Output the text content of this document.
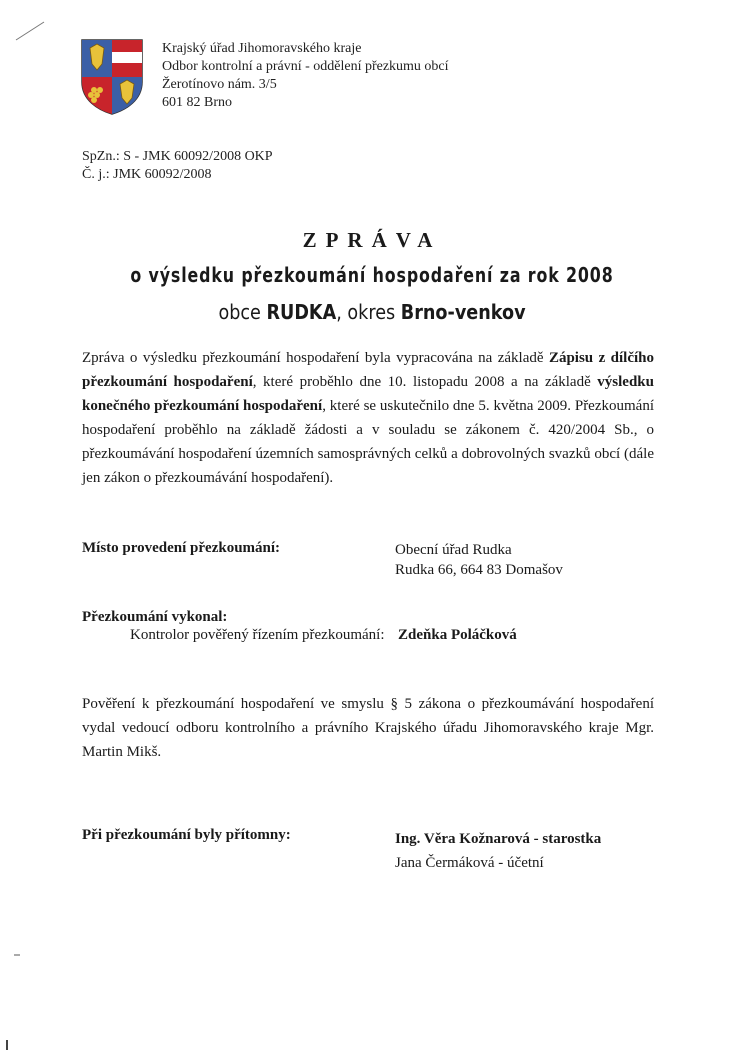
Krajský úřad Jihomoravského kraje
Odbor kontrolní a právní - oddělení přezkumu obcí
Žerotínovo nám. 3/5
601 82 Brno
SpZn.: S - JMK 60092/2008 OKP
Č. j.: JMK 60092/2008
ZPRÁVA
o výsledku přezkoumání hospodaření za rok 2008
obce RUDKA, okres Brno-venkov
Zpráva o výsledku přezkoumání hospodaření byla vypracována na základě Zápisu z dílčího přezkoumání hospodaření, které proběhlo dne 10. listopadu 2008 a na základě výsledku konečného přezkoumání hospodaření, které se uskutečnilo dne 5. května 2009. Přezkoumání hospodaření proběhlo na základě žádosti a v souladu se zákonem č. 420/2004 Sb., o přezkoumávání hospodaření územních samosprávných celků a dobrovolných svazků obcí (dále jen zákon o přezkoumávání hospodaření).
Místo provedení přezkoumání:	Obecní úřad Rudka
Rudka 66, 664 83 Domašov
Přezkoumání vykonal:
Kontrolor pověřený řízením přezkoumání: Zdeňka Poláčková
Pověření k přezkoumání hospodaření ve smyslu § 5 zákona o přezkoumávání hospodaření vydal vedoucí odboru kontrolního a právního Krajského úřadu Jihomoravského kraje Mgr. Martin Mikš.
Při přezkoumání byly přítomny:	Ing. Věra Kožnarová - starostka
Jana Čermáková - účetní
